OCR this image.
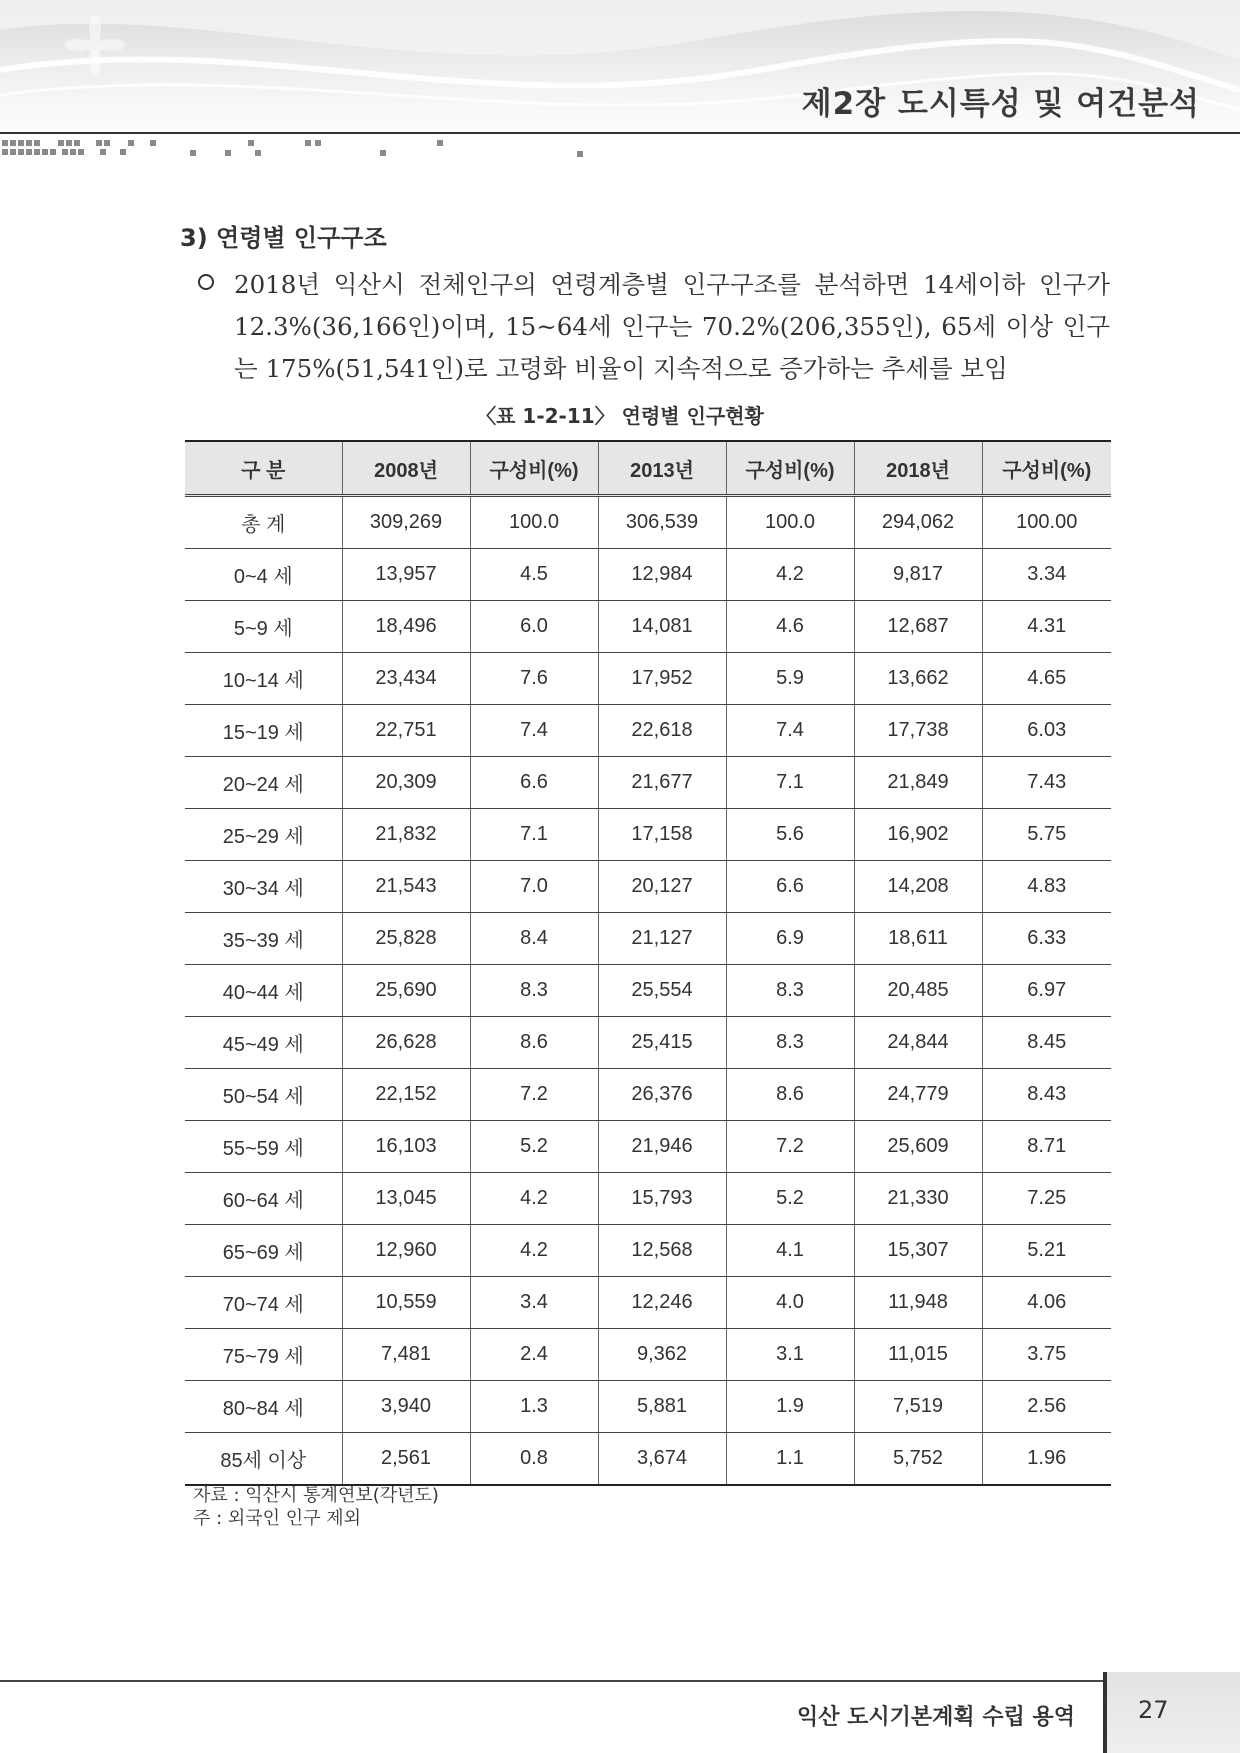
제2장 도시특성 및 여건분석
3) 연령별 인구구조
2018년 익산시 전체인구의 연령계층별 인구구조를 분석하면 14세이하 인구가 12.3%(36,166인)이며, 15~64세 인구는 70.2%(206,355인), 65세 이상 인구는 175%(51,541인)로 고령화 비율이 지속적으로 증가하는 추세를 보임
〈표 1-2-11〉 연령별 인구현황
구 분	2008년	구성비(%)	2013년	구성비(%)	2018년	구성비(%)
총 계	309,269	100.0	306,539	100.0	294,062	100.00
0~4 세	13,957	4.5	12,984	4.2	9,817	3.34
5~9 세	18,496	6.0	14,081	4.6	12,687	4.31
10~14 세	23,434	7.6	17,952	5.9	13,662	4.65
15~19 세	22,751	7.4	22,618	7.4	17,738	6.03
20~24 세	20,309	6.6	21,677	7.1	21,849	7.43
25~29 세	21,832	7.1	17,158	5.6	16,902	5.75
30~34 세	21,543	7.0	20,127	6.6	14,208	4.83
35~39 세	25,828	8.4	21,127	6.9	18,611	6.33
40~44 세	25,690	8.3	25,554	8.3	20,485	6.97
45~49 세	26,628	8.6	25,415	8.3	24,844	8.45
50~54 세	22,152	7.2	26,376	8.6	24,779	8.43
55~59 세	16,103	5.2	21,946	7.2	25,609	8.71
60~64 세	13,045	4.2	15,793	5.2	21,330	7.25
65~69 세	12,960	4.2	12,568	4.1	15,307	5.21
70~74 세	10,559	3.4	12,246	4.0	11,948	4.06
75~79 세	7,481	2.4	9,362	3.1	11,015	3.75
80~84 세	3,940	1.3	5,881	1.9	7,519	2.56
85세 이상	2,561	0.8	3,674	1.1	5,752	1.96
자료 : 익산시 통계연보(각년도)
주 : 외국인 인구 제외
익산 도시기본계획 수립 용역	27
